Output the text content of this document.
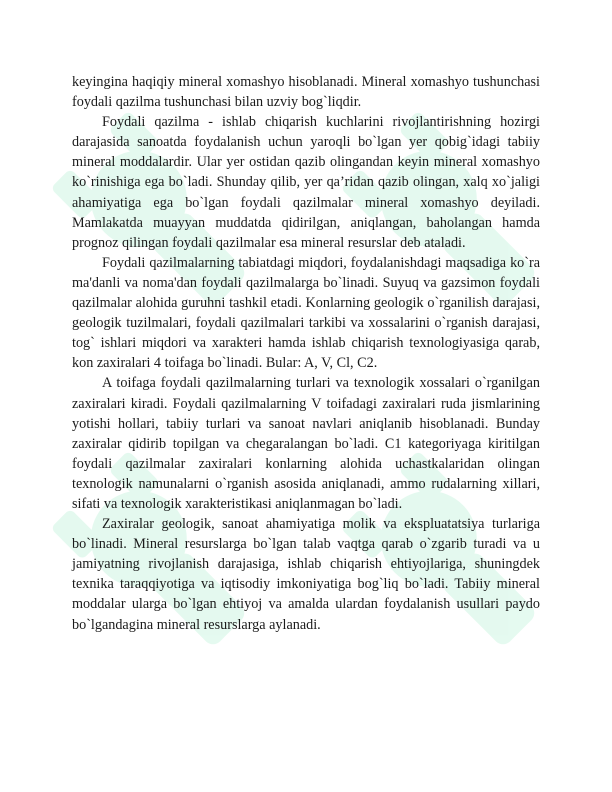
keyingina haqiqiy mineral xomashyo hisoblanadi. Mineral xomashyo tushunchasi foydali qazilma tushunchasi bilan uzviy bog`liqdir.

Foydali qazilma - ishlab chiqarish kuchlarini rivojlantirishning hozirgi darajasida sanoatda foydalanish uchun yaroqli bo`lgan yer qobig`idagi tabiiy mineral moddalardir. Ular yer ostidan qazib olingandan keyin mineral xomashyo ko`rinishiga ega bo`ladi. Shunday qilib, yer qa’ridan qazib olingan, xalq xo`jaligi ahamiyatiga ega bo`lgan foydali qazilmalar mineral xomashyo deyiladi. Mamlakatda muayyan muddatda qidirilgan, aniqlangan, baholangan hamda prognoz qilingan foydali qazilmalar esa mineral resurslar deb ataladi.

Foydali qazilmalarning tabiatdagi miqdori, foydalanishdagi maqsadiga ko`ra ma'danli va noma'dan foydali qazilmalarga bo`linadi. Suyuq va gazsimon foydali qazilmalar alohida guruhni tashkil etadi. Konlarning geologik o`rganilish darajasi, geologik tuzilmalari, foydali qazilmalari tarkibi va xossalarini o`rganish darajasi, tog` ishlari miqdori va xarakteri hamda ishlab chiqarish texnologiyasiga qarab, kon zaxiralari 4 toifaga bo`linadi. Bular: A, V, Cl, C2.

A toifaga foydali qazilmalarning turlari va texnologik xossalari o`rganilgan zaxiralari kiradi. Foydali qazilmalarning V toifadagi zaxiralari ruda jismlarining yotishi hollari, tabiiy turlari va sanoat navlari aniqlanib hisoblanadi. Bunday zaxiralar qidirib topilgan va chegaralangan bo`ladi. C1 kategoriyaga kiritilgan foydali qazilmalar zaxiralari konlarning alohida uchastkalaridan olingan texnologik namunalarni o`rganish asosida aniqlanadi, ammo rudalarning xillari, sifati va texnologik xarakteristikasi aniqlanmagan bo`ladi.

Zaxiralar geologik, sanoat ahamiyatiga molik va ekspluatatsiya turlariga bo`linadi. Mineral resurslarga bo`lgan talab vaqtga qarab o`zgarib turadi va u jamiyatning rivojlanish darajasiga, ishlab chiqarish ehtiyojlariga, shuningdek texnika taraqqiyotiga va iqtisodiy imkoniyatiga bog`liq bo`ladi. Tabiiy mineral moddalar ularga bo`lgan ehtiyoj va amalda ulardan foydalanish usullari paydo bo`lgandagina mineral resurslarga aylanadi.
